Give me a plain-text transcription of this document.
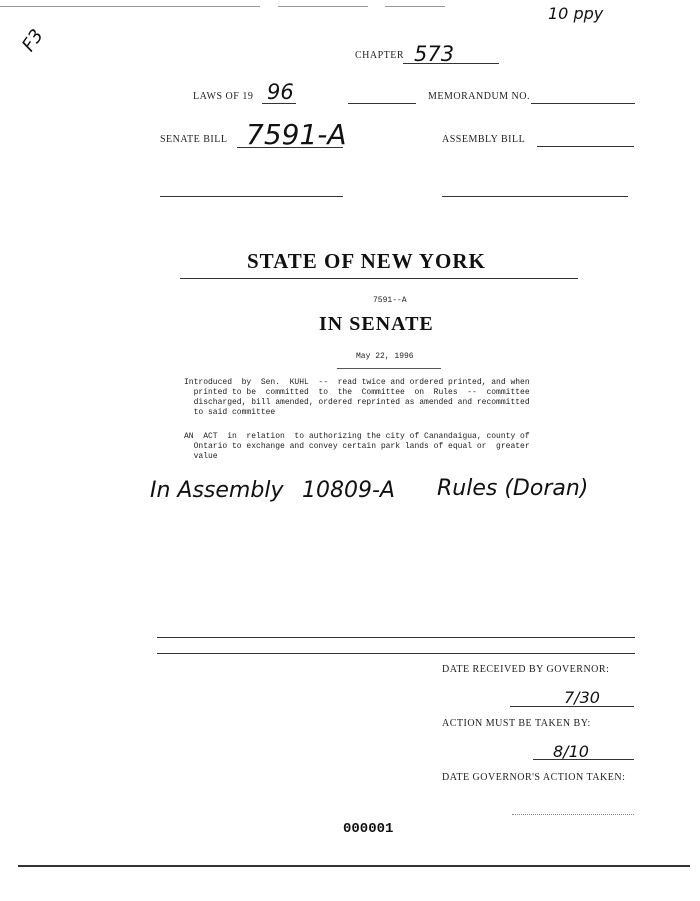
10 ppy
F3
CHAPTER 573
LAWS OF 19 96	MEMORANDUM NO.
SENATE BILL 7591-A	ASSEMBLY BILL
STATE OF NEW YORK
7591--A
IN SENATE
May 22, 1996
Introduced  by  Sen.  KUHL  --  read twice and ordered printed, and when
printed to be  committed  to  the  Committee  on  Rules  --  committee
discharged, bill amended, ordered reprinted as amended and recommitted
to said committee
AN  ACT  in  relation  to authorizing the city of Canandaigua, county of
Ontario to exchange and convey certain park lands of equal or  greater
value
In Assembly 10809-A Rules (Doran)
DATE RECEIVED BY GOVERNOR:
7/30
ACTION MUST BE TAKEN BY:
8/10
DATE GOVERNOR'S ACTION TAKEN:
000001
